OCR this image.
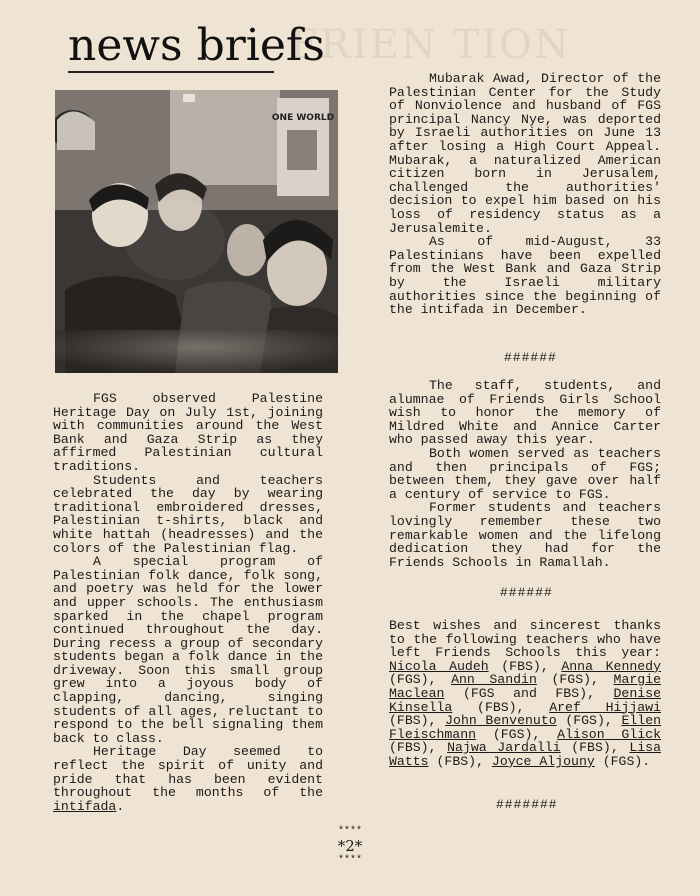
FRIEN TION
news briefs
ONE WORLD

FGS observed Palestine Heritage Day on July 1st, joining with communities around the West Bank and Gaza Strip as they affirmed Palestinian cultural traditions.

Students and teachers celebrated the day by wearing traditional embroidered dresses, Palestinian t-shirts, black and white hattah (headresses) and the colors of the Palestinian flag.

A special program of Palestinian folk dance, folk song, and poetry was held for the lower and upper schools. The enthusiasm sparked in the chapel program continued throughout the day. During recess a group of secondary students began a folk dance in the driveway. Soon this small group grew into a joyous body of clapping, dancing, singing students of all ages, reluctant to respond to the bell signaling them back to class.

Heritage Day seemed to reflect the spirit of unity and pride that has been evident throughout the months of the intifada.

Mubarak Awad, Director of the Palestinian Center for the Study of Nonviolence and husband of FGS principal Nancy Nye, was deported by Israeli authorities on June 13 after losing a High Court Appeal. Mubarak, a naturalized American citizen born in Jerusalem, challenged the authorities' decision to expel him based on his loss of residency status as a Jerusalemite.

As of mid-August, 33 Palestinians have been expelled from the West Bank and Gaza Strip by the Israeli military authorities since the beginning of the intifada in December.

######

The staff, students, and alumnae of Friends Girls School wish to honor the memory of Mildred White and Annice Carter who passed away this year.

Both women served as teachers and then principals of FGS; between them, they gave over half a century of service to FGS.

Former students and teachers lovingly remember these two remarkable women and the lifelong dedication they had for the Friends Schools in Ramallah.

######

Best wishes and sincerest thanks to the following teachers who have left Friends Schools this year: Nicola Audeh (FBS), Anna Kennedy (FGS), Ann Sandin (FGS), Margie Maclean (FGS and FBS), Denise Kinsella (FBS), Aref Hijjawi (FBS), John Benvenuto (FGS), Ellen Fleischmann (FGS), Alison Glick (FBS), Najwa Jardalli (FBS), Lisa Watts (FBS), Joyce Aljouny (FGS).

#######
****
*2*
****
